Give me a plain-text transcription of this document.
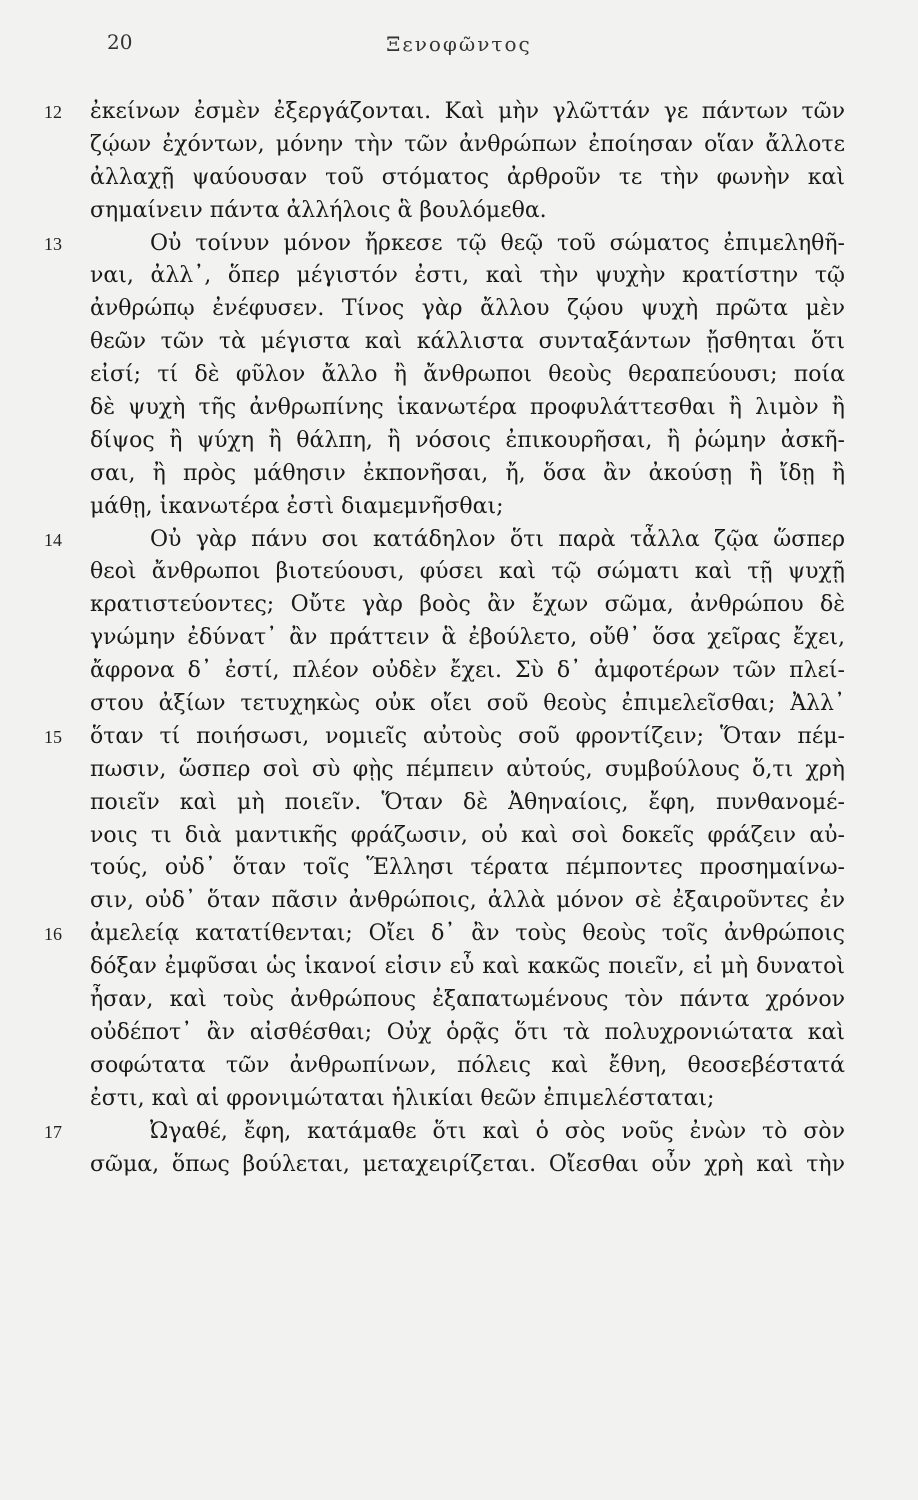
20	Ξενοφῶντος
12	ἐκείνων ἐσμὲν ἐξεργάζονται. Καὶ μὴν γλῶττάν γε πάντων τῶν
ζῴων ἐχόντων, μόνην τὴν τῶν ἀνθρώπων ἐποίησαν οἵαν ἄλλοτε
ἀλλαχῇ ψαύουσαν τοῦ στόματος ἀρθροῦν τε τὴν φωνὴν καὶ
σημαίνειν πάντα ἀλλήλοις ἃ βουλόμεθα.
13	Οὐ τοίνυν μόνον ἤρκεσε τῷ θεῷ τοῦ σώματος ἐπιμεληθῆ-
ναι, ἀλλ᾽, ὅπερ μέγιστόν ἐστι, καὶ τὴν ψυχὴν κρατίστην τῷ
ἀνθρώπῳ ἐνέφυσεν. Τίνος γὰρ ἄλλου ζῴου ψυχὴ πρῶτα μὲν
θεῶν τῶν τὰ μέγιστα καὶ κάλλιστα συνταξάντων ᾔσθηται ὅτι
εἰσί; τί δὲ φῦλον ἄλλο ἢ ἄνθρωποι θεοὺς θεραπεύουσι; ποία
δὲ ψυχὴ τῆς ἀνθρωπίνης ἱκανωτέρα προφυλάττεσθαι ἢ λιμὸν ἢ
δίψος ἢ ψύχη ἢ θάλπη, ἢ νόσοις ἐπικουρῆσαι, ἢ ῥώμην ἀσκῆ-
σαι, ἢ πρὸς μάθησιν ἐκπονῆσαι, ἤ, ὅσα ἂν ἀκούσῃ ἢ ἴδῃ ἢ
μάθῃ, ἱκανωτέρα ἐστὶ διαμεμνῆσθαι;
14	Οὐ γὰρ πάνυ σοι κατάδηλον ὅτι παρὰ τἆλλα ζῷα ὥσπερ
θεοὶ ἄνθρωποι βιοτεύουσι, φύσει καὶ τῷ σώματι καὶ τῇ ψυχῇ
κρατιστεύοντες; Οὔτε γὰρ βοὸς ἂν ἔχων σῶμα, ἀνθρώπου δὲ
γνώμην ἐδύνατ᾽ ἂν πράττειν ἃ ἐβούλετο, οὔθ᾽ ὅσα χεῖρας ἔχει,
ἄφρονα δ᾽ ἐστί, πλέον οὐδὲν ἔχει. Σὺ δ᾽ ἀμφοτέρων τῶν πλεί-
στου ἀξίων τετυχηκὼς οὐκ οἴει σοῦ θεοὺς ἐπιμελεῖσθαι; Ἀλλ᾽
15	ὅταν τί ποιήσωσι, νομιεῖς αὐτοὺς σοῦ φροντίζειν; Ὅταν πέμ-
πωσιν, ὥσπερ σοὶ σὺ φῂς πέμπειν αὐτούς, συμβούλους ὅ,τι χρὴ
ποιεῖν καὶ μὴ ποιεῖν. Ὅταν δὲ Ἀθηναίοις, ἔφη, πυνθανομέ-
νοις τι διὰ μαντικῆς φράζωσιν, οὐ καὶ σοὶ δοκεῖς φράζειν αὐ-
τούς, οὐδ᾽ ὅταν τοῖς Ἕλλησι τέρατα πέμποντες προσημαίνω-
σιν, οὐδ᾽ ὅταν πᾶσιν ἀνθρώποις, ἀλλὰ μόνον σὲ ἐξαιροῦντες ἐν
16	ἀμελείᾳ κατατίθενται; Οἴει δ᾽ ἂν τοὺς θεοὺς τοῖς ἀνθρώποις
δόξαν ἐμφῦσαι ὡς ἱκανοί εἰσιν εὖ καὶ κακῶς ποιεῖν, εἰ μὴ δυνατοὶ
ἦσαν, καὶ τοὺς ἀνθρώπους ἐξαπατωμένους τὸν πάντα χρόνον
οὐδέποτ᾽ ἂν αἰσθέσθαι; Οὐχ ὁρᾷς ὅτι τὰ πολυχρονιώτατα καὶ
σοφώτατα τῶν ἀνθρωπίνων, πόλεις καὶ ἔθνη, θεοσεβέστατά
ἐστι, καὶ αἱ φρονιμώταται ἡλικίαι θεῶν ἐπιμελέσταται;
17	Ὠγαθέ, ἔφη, κατάμαθε ὅτι καὶ ὁ σὸς νοῦς ἐνὼν τὸ σὸν
σῶμα, ὅπως βούλεται, μεταχειρίζεται. Οἴεσθαι οὖν χρὴ καὶ τὴν
